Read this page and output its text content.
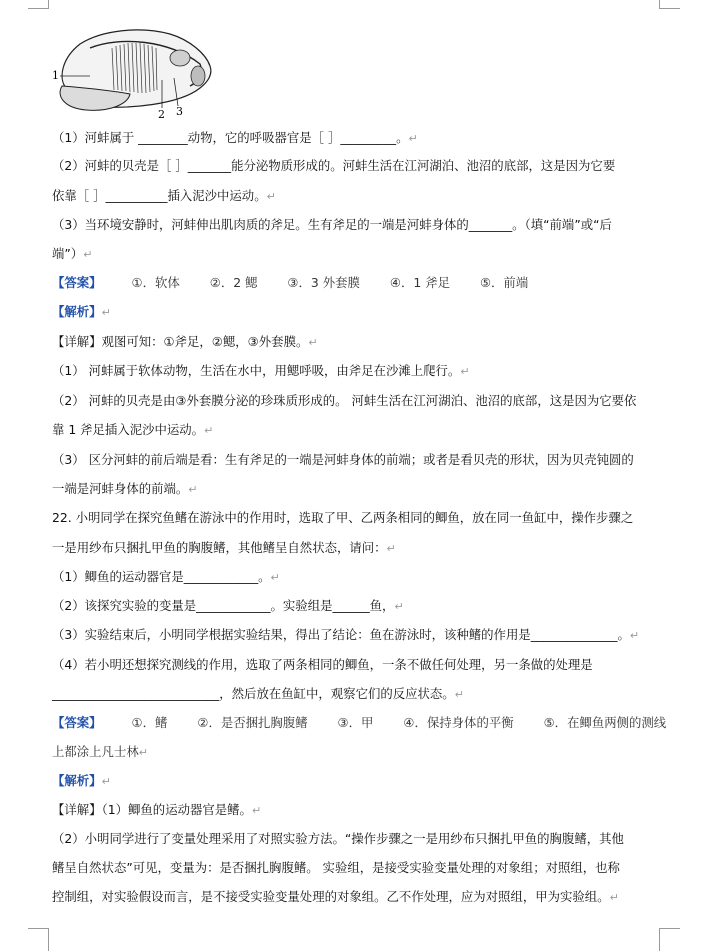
1
2 3
（1）河蚌属于 ________动物，它的呼吸器官是［ ］_________。↵
（2）河蚌的贝壳是［ ］_______能分泌物质形成的。河蚌生活在江河湖泊、池沼的底部，这是因为它要
依靠［ ］__________插入泥沙中运动。↵
（3）当环境安静时，河蚌伸出肌肉质的斧足。生有斧足的一端是河蚌身体的_______。（填“前端”或“后
端”）↵
【答案】 ①．软体 ②．2 鳃 ③．3 外套膜 ④．1 斧足 ⑤．前端
【解析】↵
【详解】观图可知：①斧足，②鳃，③外套膜。↵
（1） 河蚌属于软体动物，生活在水中，用鳃呼吸，由斧足在沙滩上爬行。↵
（2） 河蚌的贝壳是由③外套膜分泌的珍珠质形成的。 河蚌生活在江河湖泊、池沼的底部，这是因为它要依
靠 1 斧足插入泥沙中运动。↵
（3） 区分河蚌的前后端是看：生有斧足的一端是河蚌身体的前端；或者是看贝壳的形状，因为贝壳钝圆的
一端是河蚌身体的前端。↵
22. 小明同学在探究鱼鳍在游泳中的作用时，选取了甲、乙两条相同的鲫鱼，放在同一鱼缸中，操作步骤之
一是用纱布只捆扎甲鱼的胸腹鳍，其他鳍呈自然状态，请问：↵
（1）鲫鱼的运动器官是____________。↵
（2）该探究实验的变量是____________。实验组是______鱼，↵
（3）实验结束后，小明同学根据实验结果，得出了结论：鱼在游泳时，该种鳍的作用是______________。↵
（4）若小明还想探究测线的作用，选取了两条相同的鲫鱼，一条不做任何处理，另一条做的处理是
___________________________，然后放在鱼缸中，观察它们的反应状态。↵
【答案】 ①．鳍 ②．是否捆扎胸腹鳍 ③．甲 ④．保持身体的平衡 ⑤．在鲫鱼两侧的测线
上都涂上凡士林↵
【解析】↵
【详解】（1）鲫鱼的运动器官是鳍。↵
（2）小明同学进行了变量处理采用了对照实验方法。“操作步骤之一是用纱布只捆扎甲鱼的胸腹鳍，其他
鳍呈自然状态”可见，变量为：是否捆扎胸腹鳍。 实验组，是接受实验变量处理的对象组；对照组，也称
控制组，对实验假设而言，是不接受实验变量处理的对象组。乙不作处理，应为对照组，甲为实验组。↵
